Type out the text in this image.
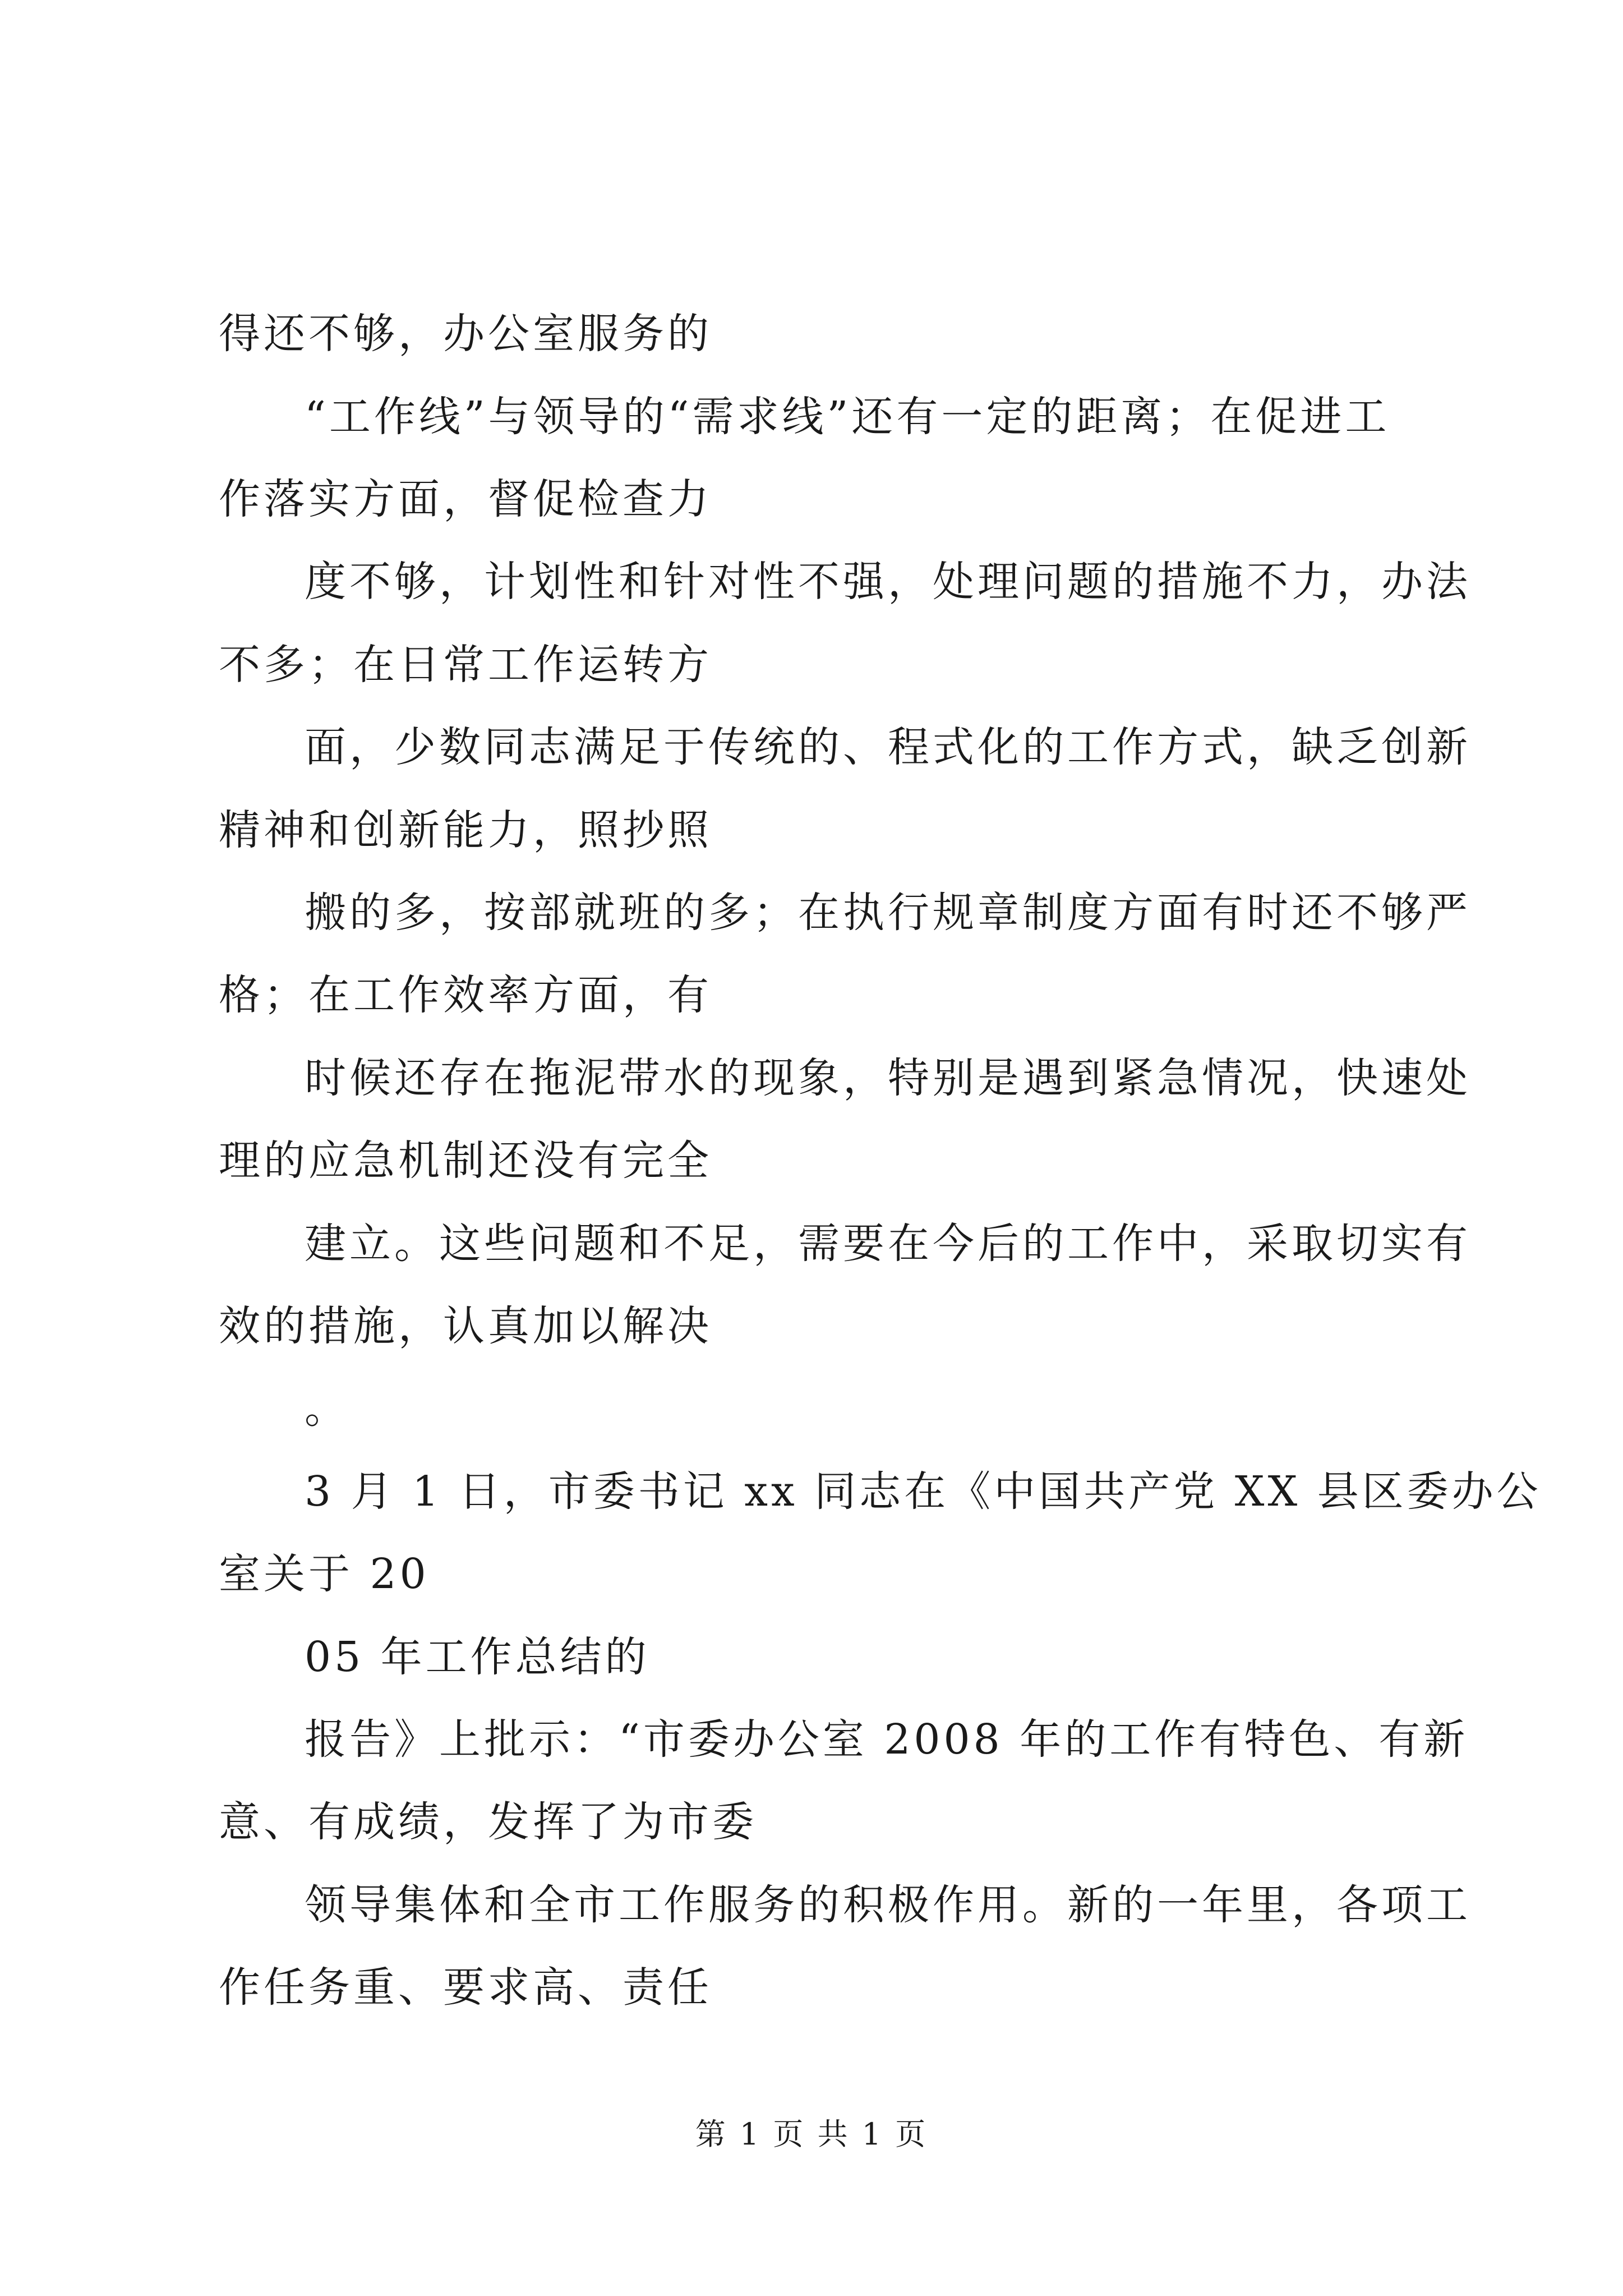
得还不够，办公室服务的
“工作线”与领导的“需求线”还有一定的距离；在促进工
作落实方面，督促检查力
度不够，计划性和针对性不强，处理问题的措施不力，办法
不多；在日常工作运转方
面，少数同志满足于传统的、程式化的工作方式，缺乏创新
精神和创新能力，照抄照
搬的多，按部就班的多；在执行规章制度方面有时还不够严
格；在工作效率方面，有
时候还存在拖泥带水的现象，特别是遇到紧急情况，快速处
理的应急机制还没有完全
建立。这些问题和不足，需要在今后的工作中，采取切实有
效的措施，认真加以解决
。
3 月 1 日，市委书记 xx 同志在《中国共产党 XX 县区委办公
室关于 20
05 年工作总结的
报告》上批示：“市委办公室 2008 年的工作有特色、有新
意、有成绩，发挥了为市委
领导集体和全市工作服务的积极作用。新的一年里，各项工
作任务重、要求高、责任
第 1 页 共 1 页
